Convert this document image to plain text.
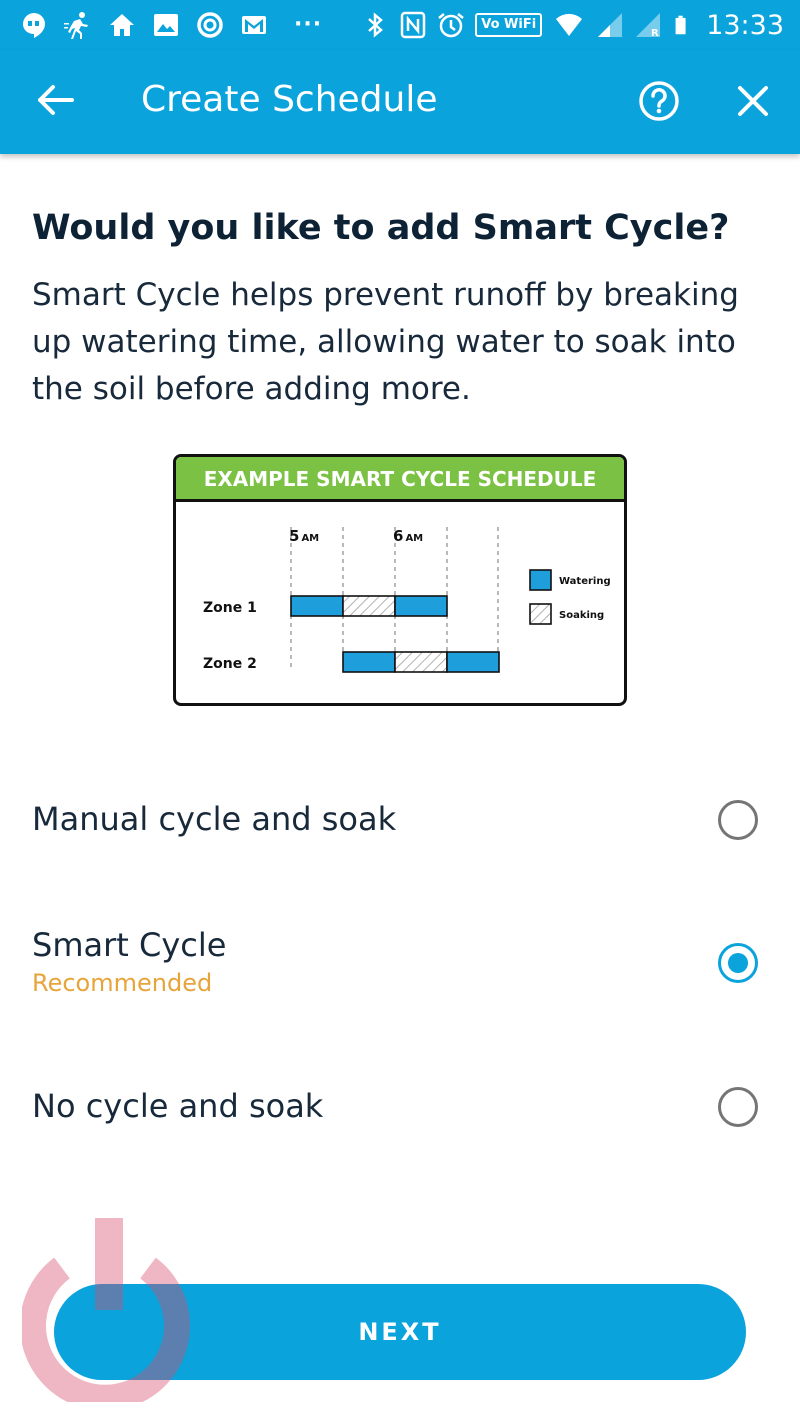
···	Vo WiFi
R 13:33
Create Schedule
Would you like to add Smart Cycle?

Smart Cycle helps prevent runoff by breaking up watering time, allowing water to soak into the soil before adding more.

EXAMPLE SMART CYCLE SCHEDULE
5 AM	6 AM
Zone 1
Zone 2
Watering
Soaking
Manual cycle and soak
Smart Cycle
Recommended
No cycle and soak
NEXT
